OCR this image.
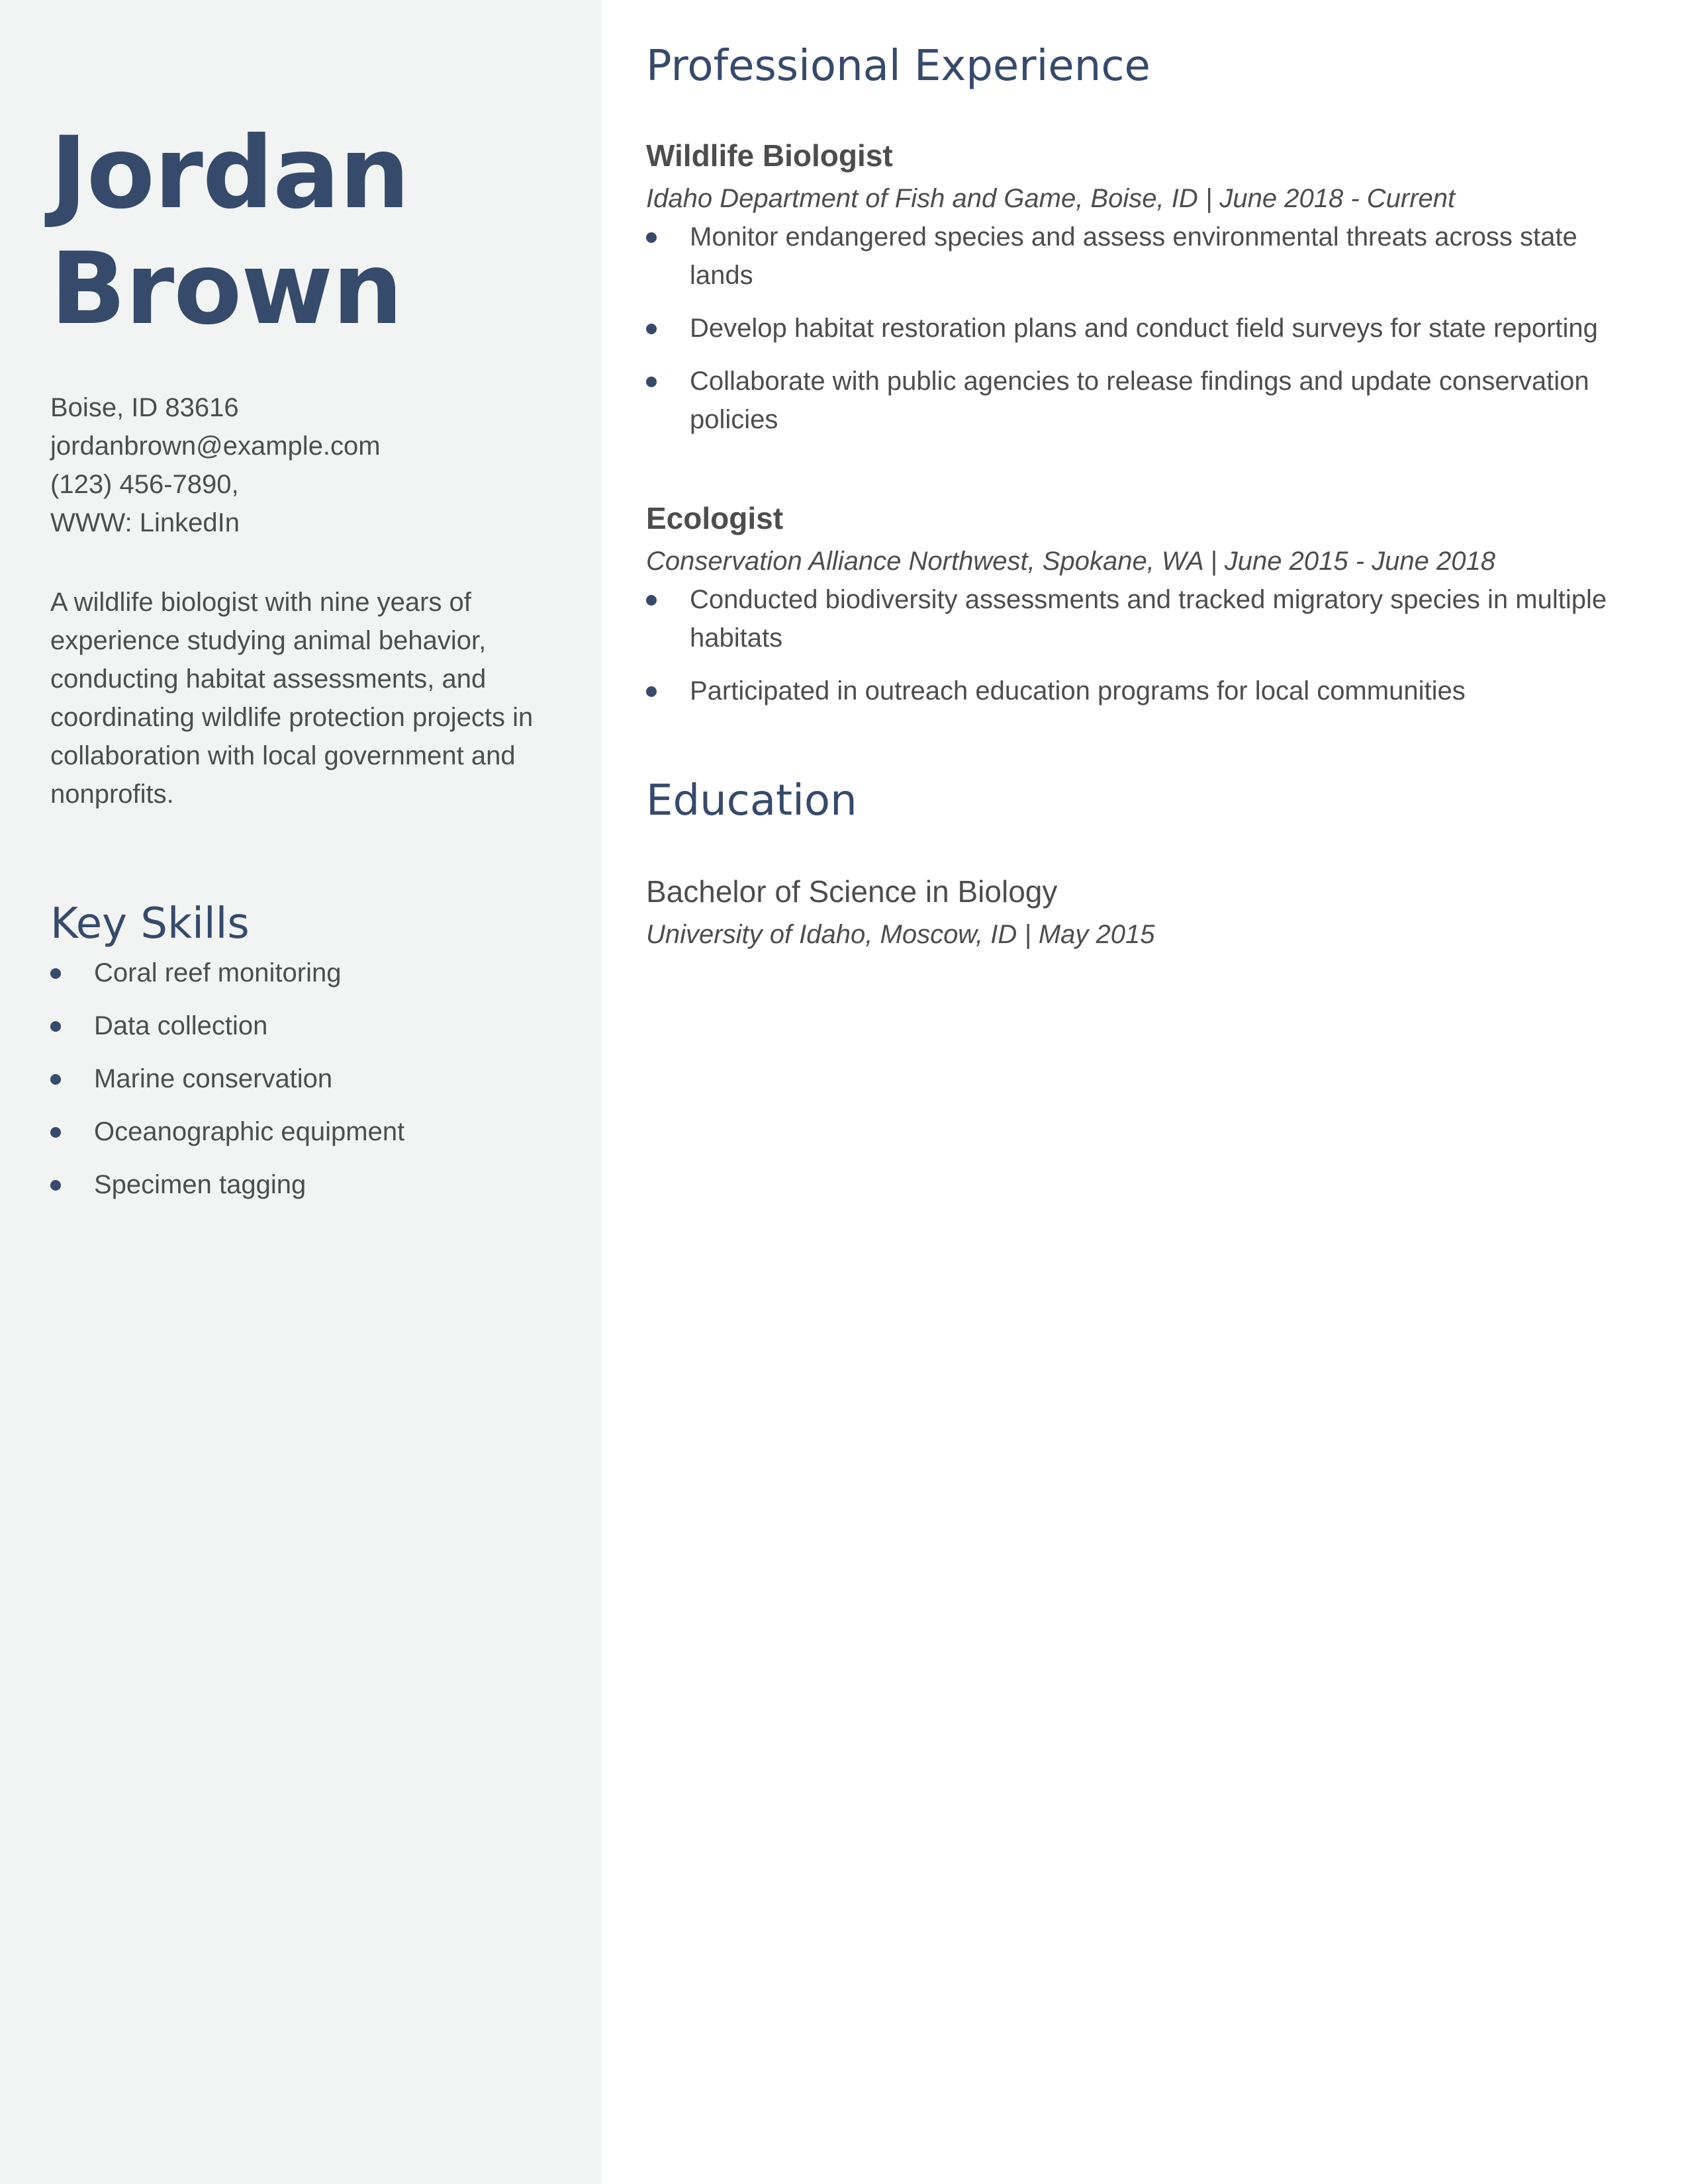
Jordan
Brown
Boise, ID 83616
jordanbrown@example.com
(123) 456-7890,
WWW: LinkedIn

A wildlife biologist with nine years of experience studying animal behavior, conducting habitat assessments, and coordinating wildlife protection projects in collaboration with local government and nonprofits.

Key Skills
Coral reef monitoring
Data collection
Marine conservation
Oceanographic equipment
Specimen tagging
Professional Experience
Wildlife Biologist
Idaho Department of Fish and Game, Boise, ID | June 2018 - Current
Monitor endangered species and assess environmental threats across state lands
Develop habitat restoration plans and conduct field surveys for state reporting
Collaborate with public agencies to release findings and update conservation policies
Ecologist
Conservation Alliance Northwest, Spokane, WA | June 2015 - June 2018
Conducted biodiversity assessments and tracked migratory species in multiple habitats
Participated in outreach education programs for local communities
Education
Bachelor of Science in Biology
University of Idaho, Moscow, ID | May 2015
